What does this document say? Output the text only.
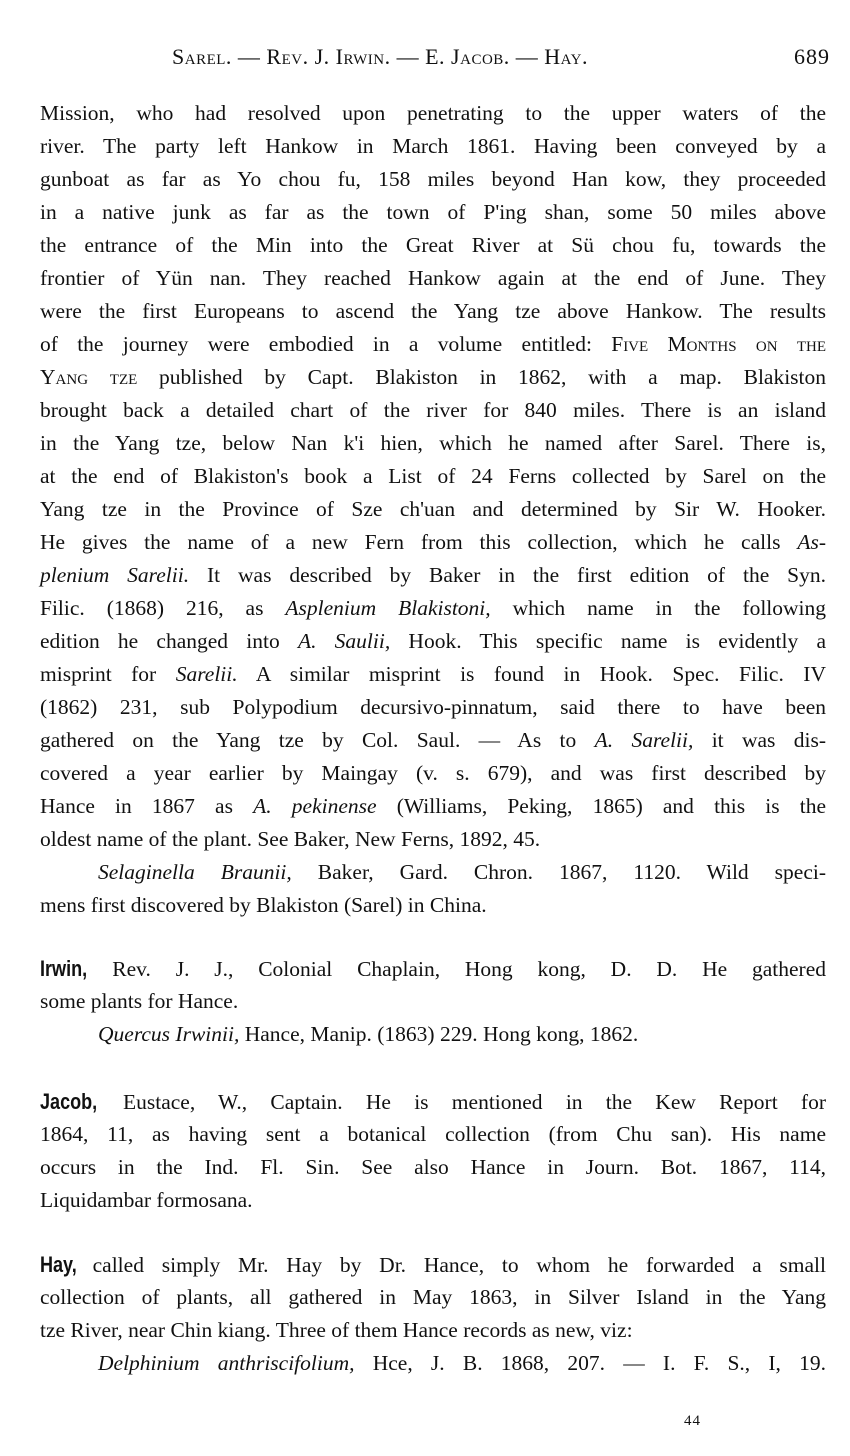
Sarel. — Rev. J. Irwin. — E. Jacob. — Hay.	689
Mission, who had resolved upon penetrating to the upper waters of the
river. The party left Hankow in March 1861. Having been conveyed by a
gunboat as far as Yo chou fu, 158 miles beyond Han kow, they proceeded
in a native junk as far as the town of P'ing shan, some 50 miles above
the entrance of the Min into the Great River at Sü chou fu, towards the
frontier of Yün nan. They reached Hankow again at the end of June. They
were the first Europeans to ascend the Yang tze above Hankow. The results
of the journey were embodied in a volume entitled: Five Months on the
Yang tze published by Capt. Blakiston in 1862, with a map. Blakiston
brought back a detailed chart of the river for 840 miles. There is an island
in the Yang tze, below Nan k'i hien, which he named after Sarel. There is,
at the end of Blakiston's book a List of 24 Ferns collected by Sarel on the
Yang tze in the Province of Sze ch'uan and determined by Sir W. Hooker.
He gives the name of a new Fern from this collection, which he calls As-
plenium Sarelii. It was described by Baker in the first edition of the Syn.
Filic. (1868) 216, as Asplenium Blakistoni, which name in the following
edition he changed into A. Saulii, Hook. This specific name is evidently a
misprint for Sarelii. A similar misprint is found in Hook. Spec. Filic. IV
(1862) 231, sub Polypodium decursivo-pinnatum, said there to have been
gathered on the Yang tze by Col. Saul. — As to A. Sarelii, it was dis-
covered a year earlier by Maingay (v. s. 679), and was first described by
Hance in 1867 as A. pekinense (Williams, Peking, 1865) and this is the
oldest name of the plant. See Baker, New Ferns, 1892, 45.
Selaginella Braunii, Baker, Gard. Chron. 1867, 1120. Wild speci-
mens first discovered by Blakiston (Sarel) in China.
Irwin, Rev. J. J., Colonial Chaplain, Hong kong, D. D. He gathered
some plants for Hance.
Quercus Irwinii, Hance, Manip. (1863) 229. Hong kong, 1862.
Jacob, Eustace, W., Captain. He is mentioned in the Kew Report for
1864, 11, as having sent a botanical collection (from Chu san). His name
occurs in the Ind. Fl. Sin. See also Hance in Journ. Bot. 1867, 114,
Liquidambar formosana.
Hay, called simply Mr. Hay by Dr. Hance, to whom he forwarded a small
collection of plants, all gathered in May 1863, in Silver Island in the Yang
tze River, near Chin kiang. Three of them Hance records as new, viz:
Delphinium anthriscifolium, Hce, J. B. 1868, 207. — I. F. S., I, 19.
44
